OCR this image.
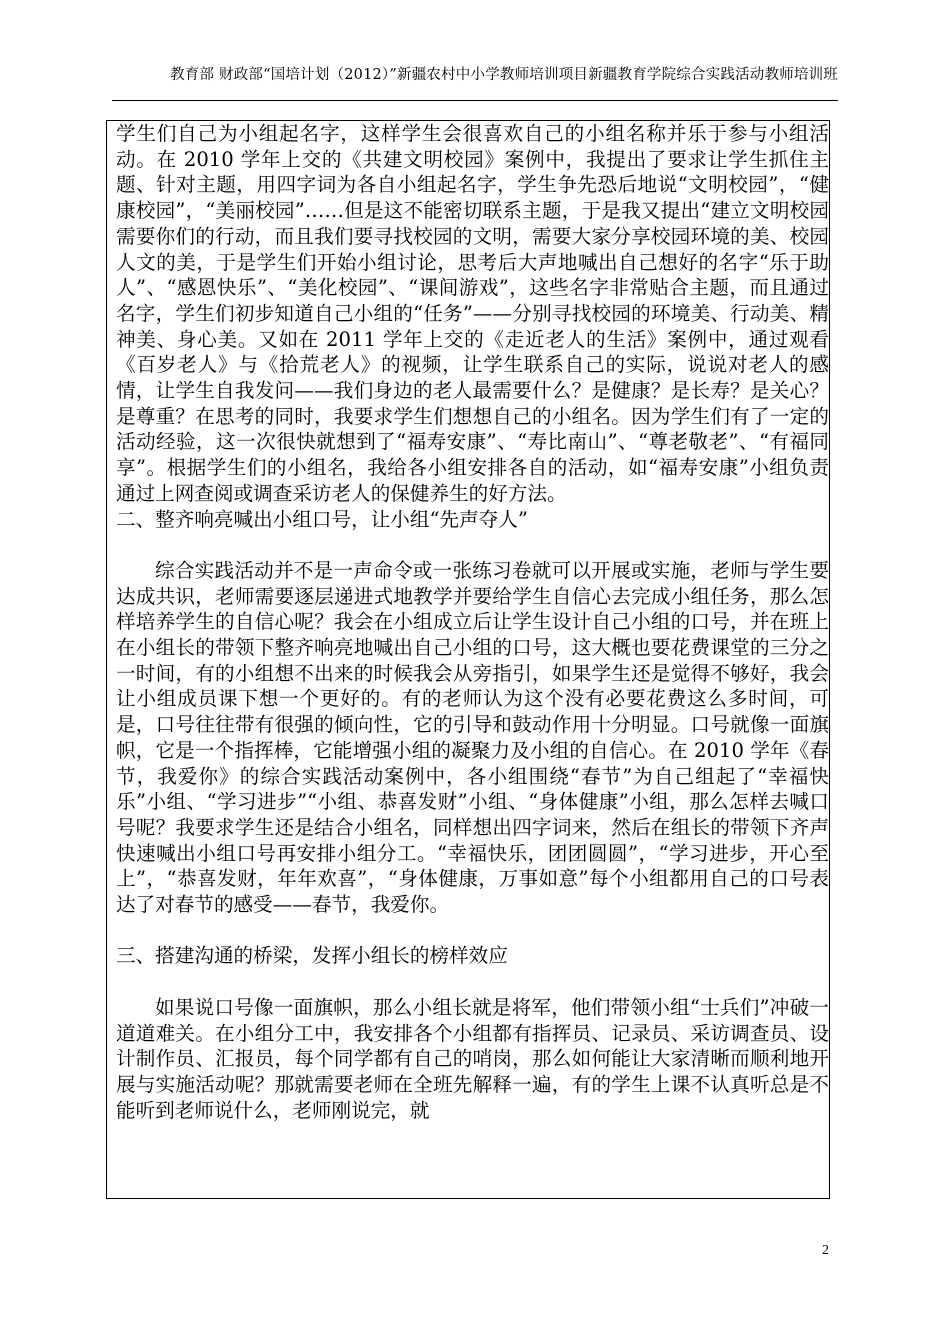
教育部 财政部“国培计划（2012）”新疆农村中小学教师培训项目新疆教育学院综合实践活动教师培训班

学生们自己为小组起名字，这样学生会很喜欢自己的小组名称并乐于参与小组活动。在 2010 学年上交的《共建文明校园》案例中，我提出了要求让学生抓住主题、针对主题，用四字词为各自小组起名字，学生争先恐后地说“文明校园”，“健康校园”，“美丽校园”……但是这不能密切联系主题，于是我又提出“建立文明校园需要你们的行动，而且我们要寻找校园的文明，需要大家分享校园环境的美、校园人文的美，于是学生们开始小组讨论，思考后大声地喊出自己想好的名字“乐于助人”、“感恩快乐”、“美化校园”、“课间游戏”，这些名字非常贴合主题，而且通过名字，学生们初步知道自己小组的“任务”——分别寻找校园的环境美、行动美、精神美、身心美。又如在 2011 学年上交的《走近老人的生活》案例中，通过观看《百岁老人》与《拾荒老人》的视频，让学生联系自己的实际，说说对老人的感情，让学生自我发问——我们身边的老人最需要什么？是健康？是长寿？是关心？是尊重？在思考的同时，我要求学生们想想自己的小组名。因为学生们有了一定的活动经验，这一次很快就想到了“福寿安康”、“寿比南山”、“尊老敬老”、“有福同享”。根据学生们的小组名，我给各小组安排各自的活动，如“福寿安康”小组负责通过上网查阅或调查采访老人的保健养生的好方法。

二、整齐响亮喊出小组口号，让小组“先声夺人”

综合实践活动并不是一声命令或一张练习卷就可以开展或实施，老师与学生要达成共识，老师需要逐层递进式地教学并要给学生自信心去完成小组任务，那么怎样培养学生的自信心呢？我会在小组成立后让学生设计自己小组的口号，并在班上在小组长的带领下整齐响亮地喊出自己小组的口号，这大概也要花费课堂的三分之一时间，有的小组想不出来的时候我会从旁指引，如果学生还是觉得不够好，我会让小组成员课下想一个更好的。有的老师认为这个没有必要花费这么多时间，可是，口号往往带有很强的倾向性，它的引导和鼓动作用十分明显。口号就像一面旗帜，它是一个指挥棒，它能增强小组的凝聚力及小组的自信心。在 2010 学年《春节，我爱你》的综合实践活动案例中，各小组围绕“春节”为自己组起了“幸福快乐”小组、“学习进步”“小组、恭喜发财”小组、“身体健康”小组，那么怎样去喊口号呢？我要求学生还是结合小组名，同样想出四字词来，然后在组长的带领下齐声快速喊出小组口号再安排小组分工。“幸福快乐，团团圆圆”，“学习进步，开心至上”，“恭喜发财，年年欢喜”，“身体健康，万事如意”每个小组都用自己的口号表达了对春节的感受——春节，我爱你。

三、搭建沟通的桥梁，发挥小组长的榜样效应

如果说口号像一面旗帜，那么小组长就是将军，他们带领小组“士兵们”冲破一道道难关。在小组分工中，我安排各个小组都有指挥员、记录员、采访调查员、设计制作员、汇报员，每个同学都有自己的哨岗，那么如何能让大家清晰而顺利地开展与实施活动呢？那就需要老师在全班先解释一遍，有的学生上课不认真听总是不能听到老师说什么，老师刚说完，就

2
